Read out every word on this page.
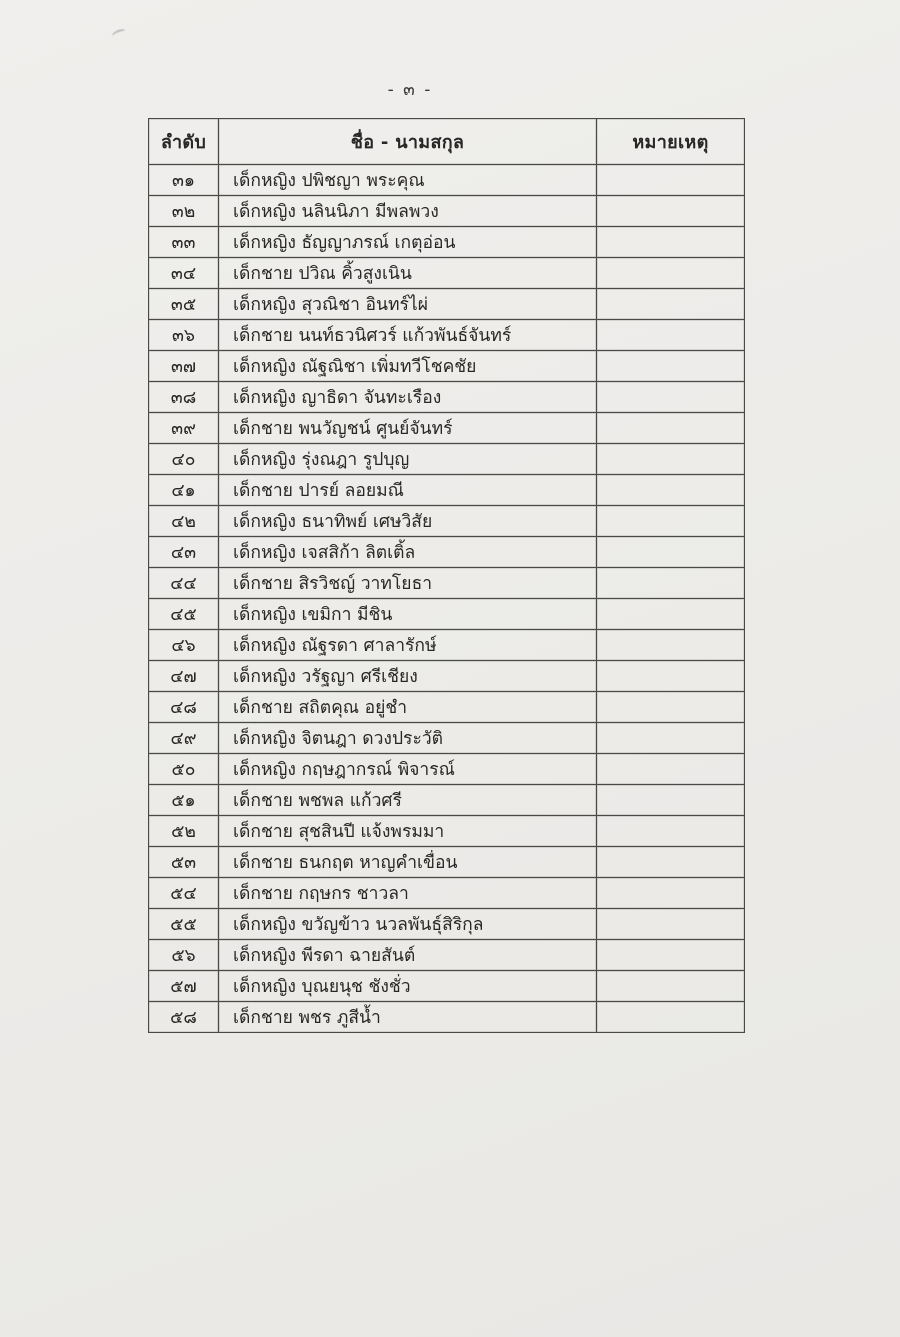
- ๓ -
ลำดับ	ชื่อ - นามสกุล	หมายเหตุ
๓๑	เด็กหญิง ปพิชญา พระคุณ	
๓๒	เด็กหญิง นลินนิภา มีพลพวง	
๓๓	เด็กหญิง ธัญญาภรณ์ เกตุอ่อน	
๓๔	เด็กชาย ปวิณ คิ้วสูงเนิน	
๓๕	เด็กหญิง สุวณิชา อินทร์ไผ่	
๓๖	เด็กชาย นนท์ธวนิศวร์ แก้วพันธ์จันทร์	
๓๗	เด็กหญิง ณัฐณิชา เพิ่มทวีโชคชัย	
๓๘	เด็กหญิง ญาธิดา จันทะเรือง	
๓๙	เด็กชาย พนวัญชน์ ศูนย์จันทร์	
๔๐	เด็กหญิง รุ่งณฎา รูปบุญ	
๔๑	เด็กชาย ปารย์ ลอยมณี	
๔๒	เด็กหญิง ธนาทิพย์ เศษวิสัย	
๔๓	เด็กหญิง เจสสิก้า ลิตเติ้ล	
๔๔	เด็กชาย สิรวิชญ์ วาทโยธา	
๔๕	เด็กหญิง เขมิกา มีชิน	
๔๖	เด็กหญิง ณัฐรดา ศาลารักษ์	
๔๗	เด็กหญิง วรัฐญา ศรีเชียง	
๔๘	เด็กชาย สถิตคุณ อยู่ชำ	
๔๙	เด็กหญิง จิตนฎา ดวงประวัติ	
๕๐	เด็กหญิง กฤษฎากรณ์ พิจารณ์	
๕๑	เด็กชาย พชพล แก้วศรี	
๕๒	เด็กชาย สุชสินปี แจ้งพรมมา	
๕๓	เด็กชาย ธนกฤต หาญคำเขื่อน	
๕๔	เด็กชาย กฤษกร ชาวลา	
๕๕	เด็กหญิง ขวัญข้าว นวลพันธุ์สิริกุล	
๕๖	เด็กหญิง พีรดา ฉายสันต์	
๕๗	เด็กหญิง บุณยนุช ชังชั่ว	
๕๘	เด็กชาย พชร ภูสีน้ำ	
